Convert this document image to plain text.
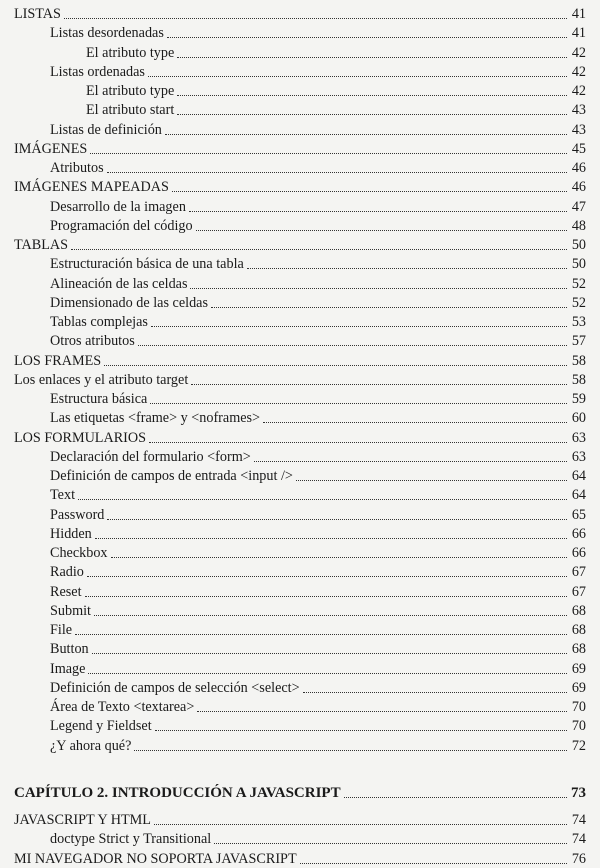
LISTAS	41
Listas desordenadas	41
El atributo type	42
Listas ordenadas	42
El atributo type	42
El atributo start	43
Listas de definición	43
IMÁGENES	45
Atributos	46
IMÁGENES MAPEADAS	46
Desarrollo de la imagen	47
Programación del código	48
TABLAS	50
Estructuración básica de una tabla	50
Alineación de las celdas	52
Dimensionado de las celdas	52
Tablas complejas	53
Otros atributos	57
LOS FRAMES	58
Los enlaces y el atributo target	58
Estructura básica	59
Las etiquetas <frame> y <noframes>	60
LOS FORMULARIOS	63
Declaración del formulario <form>	63
Definición de campos de entrada <input />	64
Text	64
Password	65
Hidden	66
Checkbox	66
Radio	67
Reset	67
Submit	68
File	68
Button	68
Image	69
Definición de campos de selección <select>	69
Área de Texto <textarea>	70
Legend y Fieldset	70
¿Y ahora qué?	72
CAPÍTULO 2. INTRODUCCIÓN A JAVASCRIPT	73
JAVASCRIPT Y HTML	74
doctype Strict y Transitional	74
MI NAVEGADOR NO SOPORTA JAVASCRIPT	76
